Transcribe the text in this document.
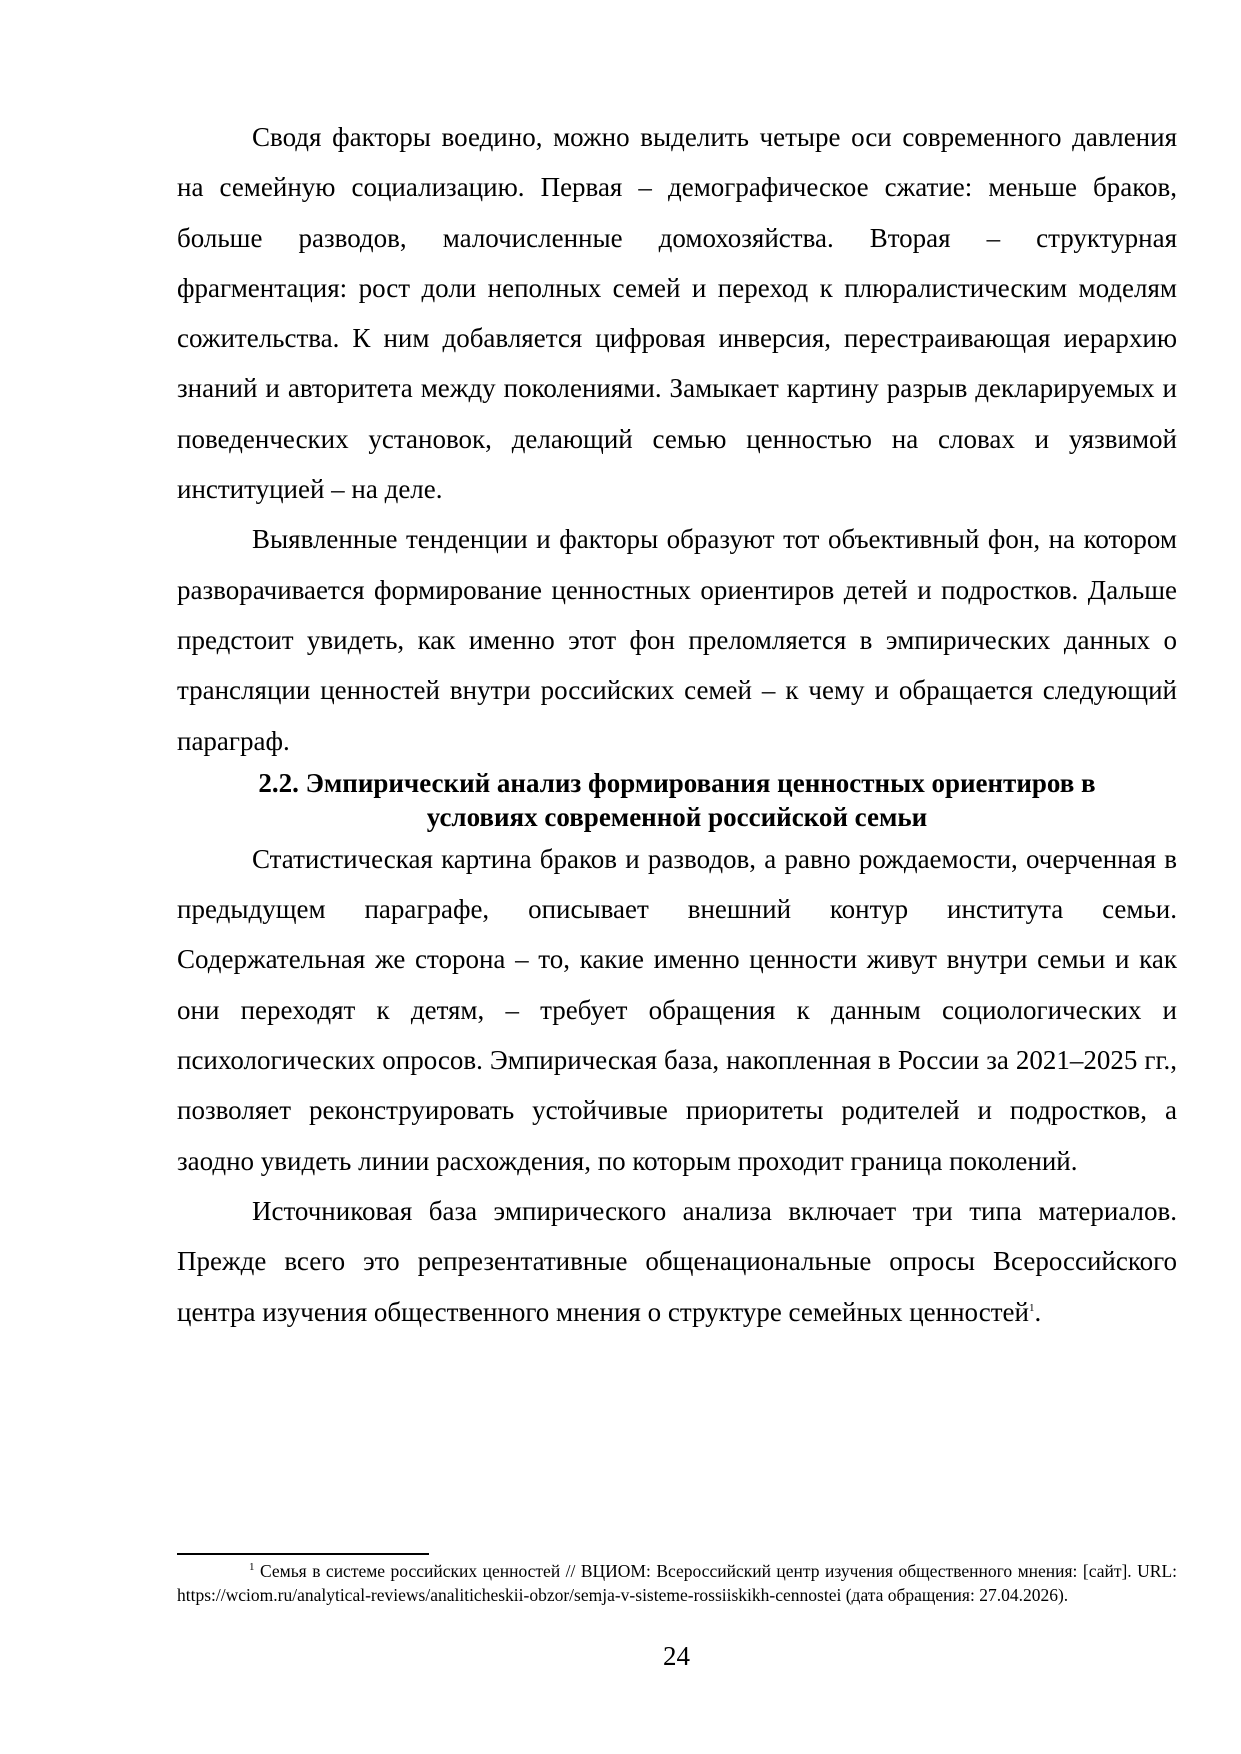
Сводя факторы воедино, можно выделить четыре оси современного давления на семейную социализацию. Первая – демографическое сжатие: меньше браков, больше разводов, малочисленные домохозяйства. Вторая – структурная фрагментация: рост доли неполных семей и переход к плюралистическим моделям сожительства. К ним добавляется цифровая инверсия, перестраивающая иерархию знаний и авторитета между поколениями. Замыкает картину разрыв декларируемых и поведенческих установок, делающий семью ценностью на словах и уязвимой институцией – на деле.

Выявленные тенденции и факторы образуют тот объективный фон, на котором разворачивается формирование ценностных ориентиров детей и подростков. Дальше предстоит увидеть, как именно этот фон преломляется в эмпирических данных о трансляции ценностей внутри российских семей – к чему и обращается следующий параграф.

2.2. Эмпирический анализ формирования ценностных ориентиров в условиях современной российской семьи

Статистическая картина браков и разводов, а равно рождаемости, очерченная в предыдущем параграфе, описывает внешний контур института семьи. Содержательная же сторона – то, какие именно ценности живут внутри семьи и как они переходят к детям, – требует обращения к данным социологических и психологических опросов. Эмпирическая база, накопленная в России за 2021–2025 гг., позволяет реконструировать устойчивые приоритеты родителей и подростков, а заодно увидеть линии расхождения, по которым проходит граница поколений.

Источниковая база эмпирического анализа включает три типа материалов. Прежде всего это репрезентативные общенациональные опросы Всероссийского центра изучения общественного мнения о структуре семейных ценностей$^1$.

$^1$ Семья в системе российских ценностей // ВЦИОМ: Всероссийский центр изучения общественного мнения: [сайт]. URL: https://wciom.ru/analytical-reviews/analiticheskii-obzor/semja-v-sisteme-rossiiskikh-cennostei (дата обращения: 27.04.2026).

24
